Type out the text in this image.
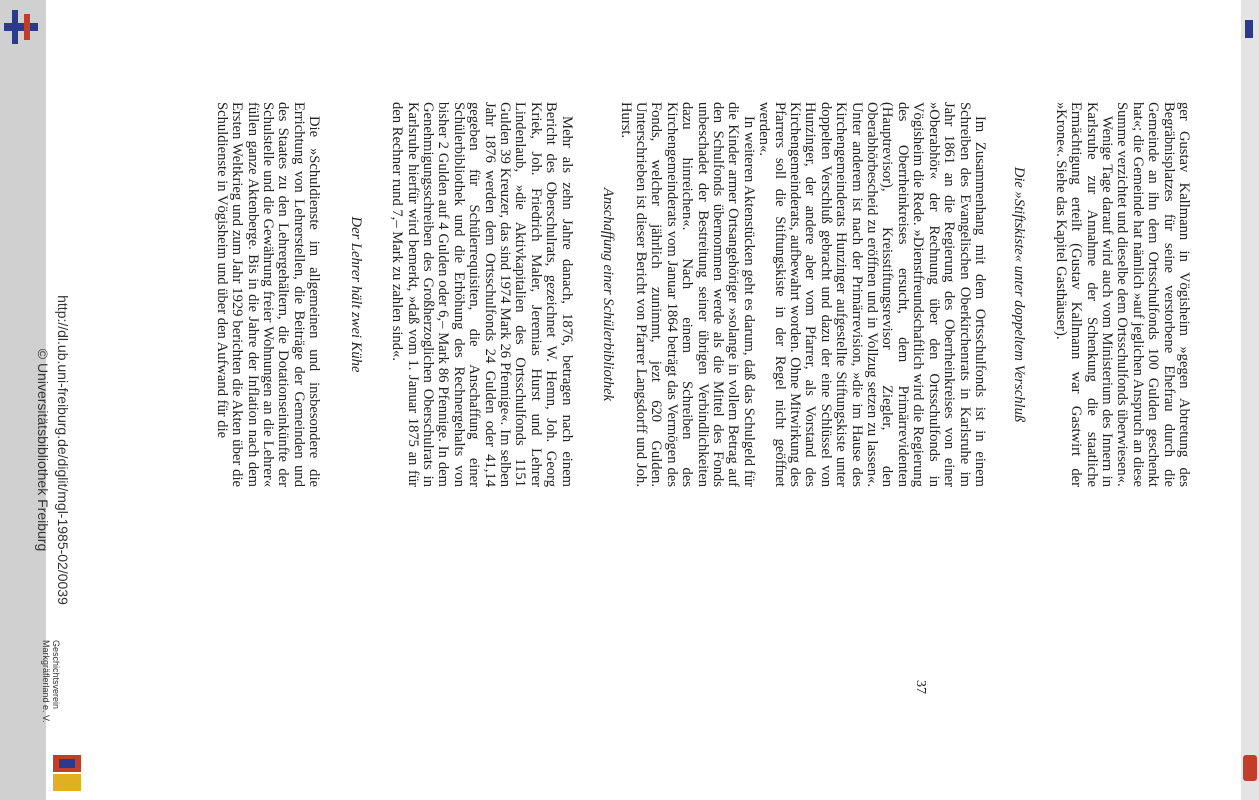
ger Gustav Kallmann in Vögisheim »gegen Abtretung des Begräbnisplatzes für seine verstorbene Ehefrau durch die Gemeinde an ihn dem Ortsschulfonds 100 Gulden geschenkt hat«; die Gemeinde hat nämlich »auf jeglichen Anspruch an diese Summe verzichtet und dieselbe dem Ortsschulfonds überwiesen«.

Wenige Tage darauf wird auch vom Ministerium des Innern in Karlsruhe zur Annahme der Schenkung die staatliche Ermächtigung erteilt (Gustav Kallmann war Gastwirt der »Krone«. Siehe das Kapitel Gasthäuser).

Die »Stiftskiste« unter doppeltem Verschluß

Im Zusammenhang mit dem Ortsschulfonds ist in einem Schreiben des Evangelischen Oberkirchenrats in Karlsruhe im Jahr 1861 an die Regierung des Oberrheinkreises von einer »Oberabhör« der Rechnung über den Ortsschulfonds in Vögisheim die Rede. »Dienstfreundschaftlich wird die Regierung des Oberrheinkreises ersucht, dem Primärrevidenten (Hauptrevisor), Kreisstiftungsrevisor Ziegler, den Oberabhörbescheid zu eröffnen und in Vollzug setzen zu lassen«. Unter anderem ist nach der Primärrevision, »die im Hause des Kirchengemeinderats Hunzinger aufgestellte Stiftungskiste unter doppelten Verschluß gebracht und dazu der eine Schlüssel von Hunzinger, der andere aber vom Pfarrer, als Vorstand des Kirchengemeinderats, aufbewahrt worden. Ohne Mitwirkung des Pfarrers soll die Stiftungskiste in der Regel nicht geöffnet werden«.

In weiteren Aktenstücken geht es darum, daß das Schulgeld für die Kinder armer Ortsangehöriger »solange in vollem Betrag auf den Schulfonds übernommen werde als die Mittel des Fonds unbeschadet der Bestreitung seiner übrigen Verbindlichkeiten dazu hinreichen«. Nach einem Schreiben des Kirchengemeinderats vom Januar 1864 beträgt das Vermögen des Fonds, welcher jährlich zunimmt, jezt 620 Gulden. Unterschrieben ist dieser Bericht von Pfarrer Langsdorff und Joh. Hurst.

Anschaffung einer Schülerbibliothek

Mehr als zehn Jahre danach, 1876, betragen nach einem Bericht des Oberschulrats, gezeichnet W. Hemn, Joh. Georg Kriek, Joh. Friedrich Maler, Jeremias Hurst und Lehrer Lindenlaub, »die Aktivkapitalien des Ortsschulfonds 1151 Gulden 39 Kreuzer, das sind 1974 Mark 26 Pfennige«. Im selben Jahr 1876 werden dem Ortsschulfonds 24 Gulden oder 41,14 gegeben für Schülerrequisiten, die Anschaffung einer Schülerbibliothek und die Erhöhung des Rechnergehalts von bisher 2 Gulden auf 4 Gulden oder 6,– Mark 86 Pfennige. In dem Genehmigungsschreiben des Großherzoglichen Oberschulrats in Karlsruhe hierfür wird bemerkt, »daß vom 1. Januar 1875 an für den Rechner rund 7,– Mark zu zahlen sind«.

Der Lehrer hält zwei Kühe

Die »Schuldienste im allgemeinen und insbesondere die Errichtung von Lehrerstellen, die Beiträge der Gemeinden und des Staates zu den Lehrergehältern, die Dotationseinkünfte der Schulstelle und die Gewährung freier Wohnungen an die Lehrer« füllen ganze Aktenberge. Bis in die Jahre der Inflation nach dem Ersten Weltkrieg und zum Jahr 1929 berichten die Akten über die Schuldienste in Vögisheim und über den Aufwand für die

37
http://dl.ub.uni-freiburg.de/diglit/mgl-1985-02/0039
© Universitätsbibliothek Freiburg
Geschichtsverein
Markgräflerland e. V.
